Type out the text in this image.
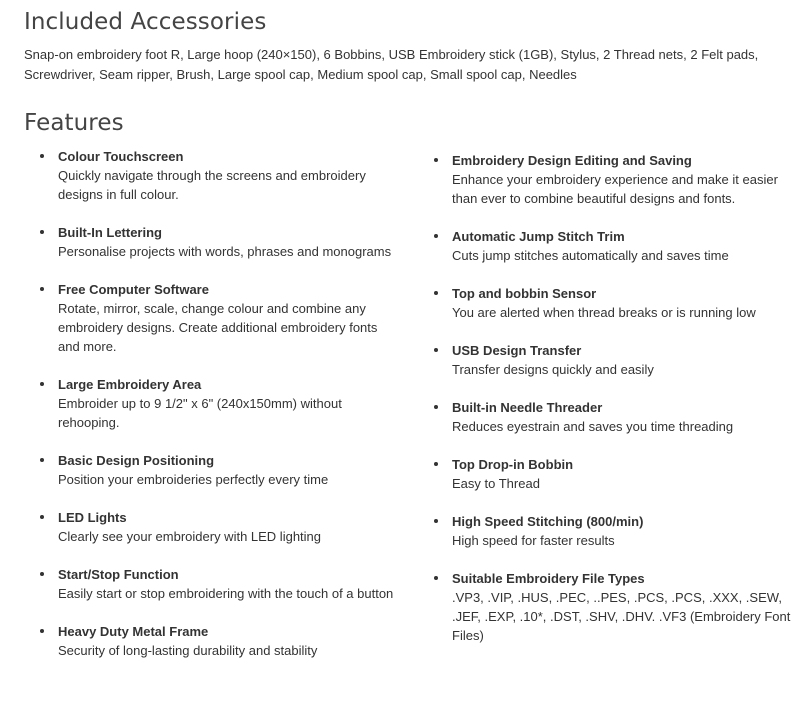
Included Accessories
Snap-on embroidery foot R, Large hoop (240×150), 6 Bobbins, USB Embroidery stick (1GB), Stylus, 2 Thread nets, 2 Felt pads, Screwdriver, Seam ripper, Brush, Large spool cap, Medium spool cap, Small spool cap, Needles
Features
Colour Touchscreen
Quickly navigate through the screens and embroidery designs in full colour.
Built-In Lettering
Personalise projects with words, phrases and monograms
Free Computer Software
Rotate, mirror, scale, change colour and combine any embroidery designs. Create additional embroidery fonts and more.
Large Embroidery Area
Embroider up to 9 1/2" x 6" (240x150mm) without rehooping.
Basic Design Positioning
Position your embroideries perfectly every time
LED Lights
Clearly see your embroidery with LED lighting
Start/Stop Function
Easily start or stop embroidering with the touch of a button
Heavy Duty Metal Frame
Security of long-lasting durability and stability
Embroidery Design Editing and Saving
Enhance your embroidery experience and make it easier than ever to combine beautiful designs and fonts.
Automatic Jump Stitch Trim
Cuts jump stitches automatically and saves time
Top and bobbin Sensor
You are alerted when thread breaks or is running low
USB Design Transfer
Transfer designs quickly and easily
Built-in Needle Threader
Reduces eyestrain and saves you time threading
Top Drop-in Bobbin
Easy to Thread
High Speed Stitching (800/min)
High speed for faster results
Suitable Embroidery File Types
.VP3, .VIP, .HUS, .PEC, ..PES, .PCS, .PCS, .XXX, .SEW, .JEF, .EXP, .10*, .DST, .SHV, .DHV. .VF3 (Embroidery Font Files)
